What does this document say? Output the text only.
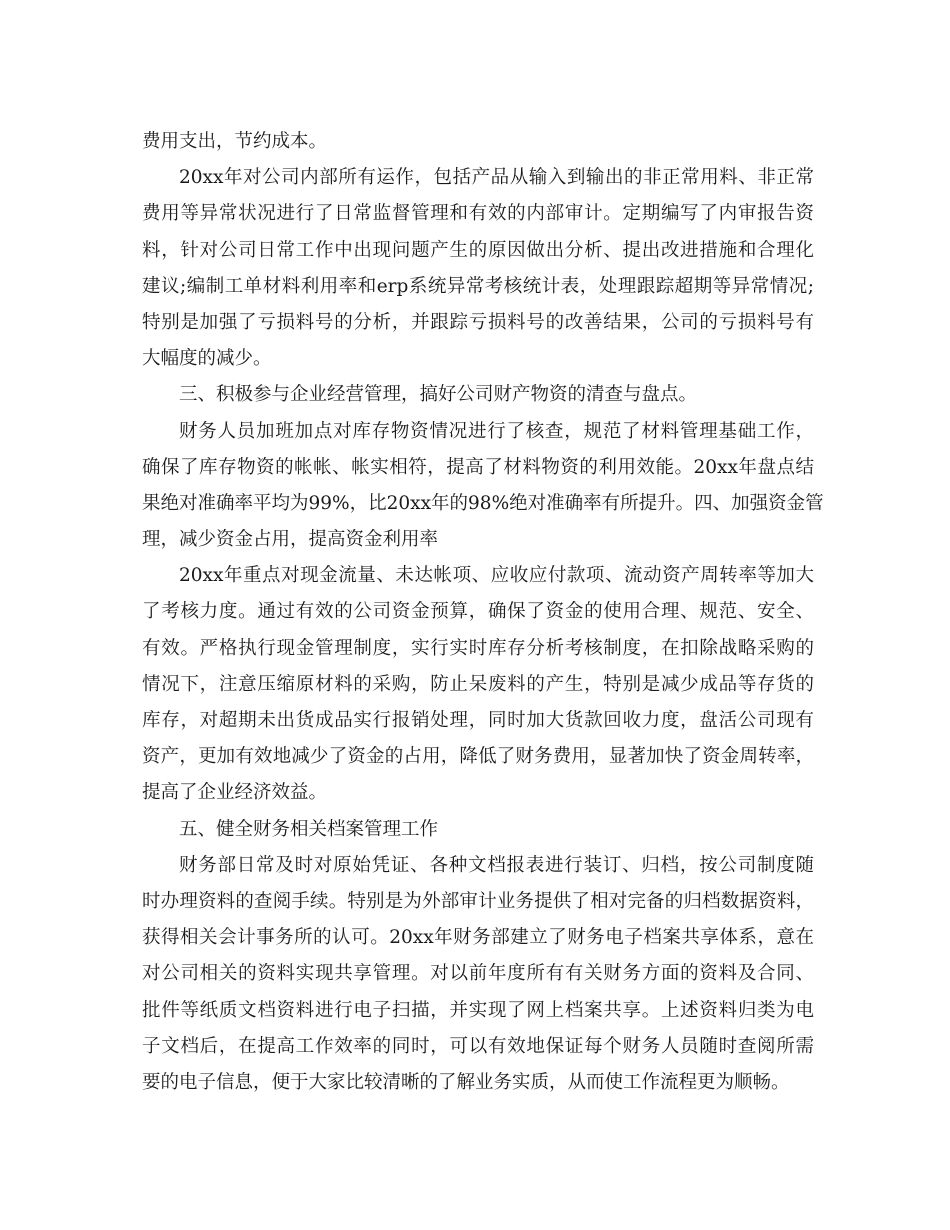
费用支出，节约成本。
20xx年对公司内部所有运作，包括产品从输入到输出的非正常用料、非正常
费用等异常状况进行了日常监督管理和有效的内部审计。定期编写了内审报告资
料，针对公司日常工作中出现问题产生的原因做出分析、提出改进措施和合理化
建议;编制工单材料利用率和erp系统异常考核统计表，处理跟踪超期等异常情况;
特别是加强了亏损料号的分析，并跟踪亏损料号的改善结果，公司的亏损料号有
大幅度的减少。
三、积极参与企业经营管理，搞好公司财产物资的清查与盘点。
财务人员加班加点对库存物资情况进行了核查，规范了材料管理基础工作，
确保了库存物资的帐帐、帐实相符，提高了材料物资的利用效能。20xx年盘点结
果绝对准确率平均为99%，比20xx年的98%绝对准确率有所提升。四、加强资金管
理，减少资金占用，提高资金利用率
20xx年重点对现金流量、未达帐项、应收应付款项、流动资产周转率等加大
了考核力度。通过有效的公司资金预算，确保了资金的使用合理、规范、安全、
有效。严格执行现金管理制度，实行实时库存分析考核制度，在扣除战略采购的
情况下，注意压缩原材料的采购，防止呆废料的产生，特别是减少成品等存货的
库存，对超期未出货成品实行报销处理，同时加大货款回收力度，盘活公司现有
资产，更加有效地减少了资金的占用，降低了财务费用，显著加快了资金周转率，
提高了企业经济效益。
五、健全财务相关档案管理工作
财务部日常及时对原始凭证、各种文档报表进行装订、归档，按公司制度随
时办理资料的查阅手续。特别是为外部审计业务提供了相对完备的归档数据资料，
获得相关会计事务所的认可。20xx年财务部建立了财务电子档案共享体系，意在
对公司相关的资料实现共享管理。对以前年度所有有关财务方面的资料及合同、
批件等纸质文档资料进行电子扫描，并实现了网上档案共享。上述资料归类为电
子文档后，在提高工作效率的同时，可以有效地保证每个财务人员随时查阅所需
要的电子信息，便于大家比较清晰的了解业务实质，从而使工作流程更为顺畅。
